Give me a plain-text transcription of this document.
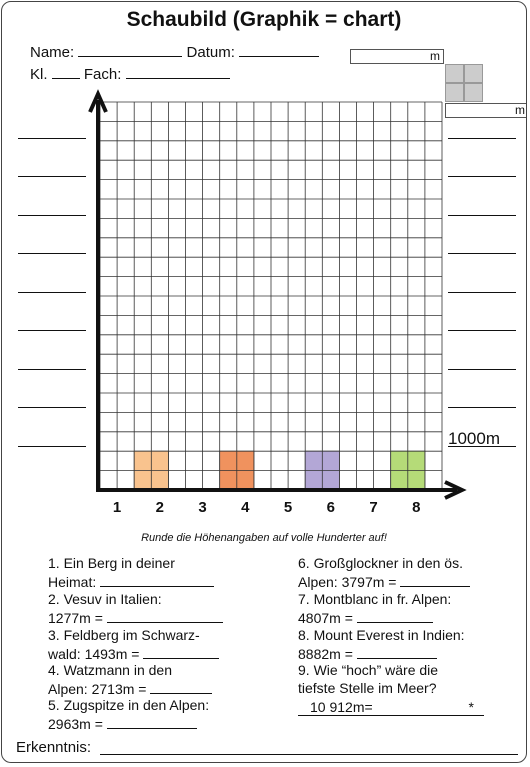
Schaubild (Graphik = chart)
Name:	Datum:
Kl. Fach:
m
m
1000m
1	2	3	4	5	6	7	8
Runde die Höhenangaben auf volle Hunderter auf!
1. Ein Berg in deiner
Heimat:
2. Vesuv in Italien:
1277m =
3. Feldberg im Schwarz-
wald: 1493m =
4. Watzmann in den
Alpen: 2713m =
5. Zugspitze in den Alpen:
2963m =
6. Großglockner in den ös.
Alpen: 3797m =
7. Montblanc in fr. Alpen:
4807m =
8. Mount Everest in Indien:
8882m =
9. Wie “hoch” wäre die
tiefste Stelle im Meer?
10 912m=	*
Erkenntnis:
